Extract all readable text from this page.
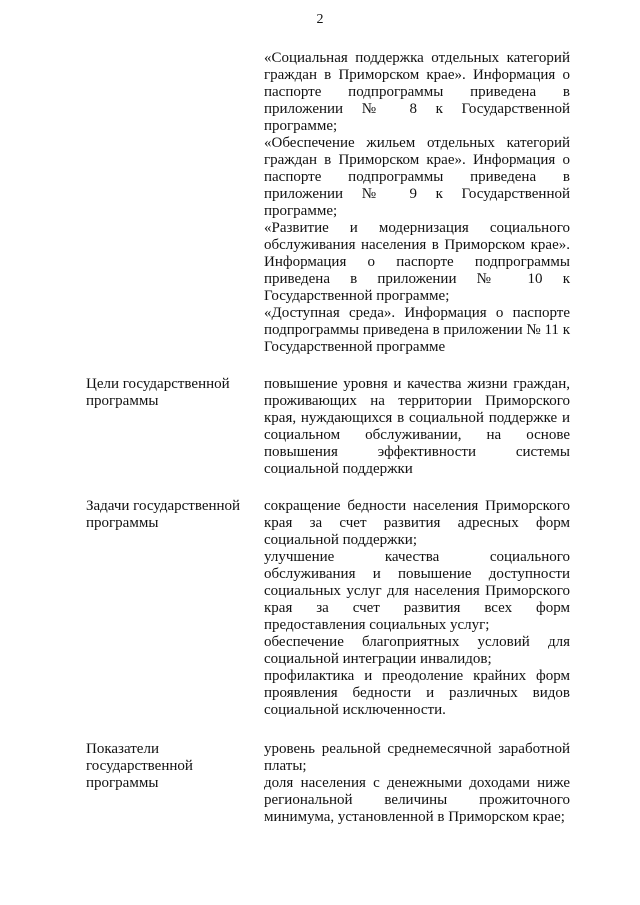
2

«Социальная поддержка отдельных категорий граждан в Приморском крае». Информация о паспорте подпрограммы приведена в приложении № 8 к Государственной программе;

«Обеспечение жильем отдельных категорий граждан в Приморском крае». Информация о паспорте подпрограммы приведена в приложении № 9 к Государственной программе;

«Развитие и модернизация социального обслуживания населения в Приморском крае». Информация о паспорте подпрограммы приведена в приложении № 10 к Государственной программе;

«Доступная среда». Информация о паспорте подпрограммы приведена в приложении № 11 к Государственной программе

Цели государственной
программы

повышение уровня и качества жизни граждан, проживающих на территории Приморского края, нуждающихся в социальной поддержке и социальном обслуживании, на основе повышения эффективности системы социальной поддержки

Задачи государственной
программы

сокращение бедности населения Приморского края за счет развития адресных форм социальной поддержки;

улучшение качества социального обслуживания и повышение доступности социальных услуг для населения Приморского края за счет развития всех форм предоставления социальных услуг;

обеспечение благоприятных условий для социальной интеграции инвалидов;

профилактика и преодоление крайних форм проявления бедности и различных видов социальной исключенности.

Показатели
государственной
программы

уровень реальной среднемесячной заработной платы;

доля населения с денежными доходами ниже региональной величины прожиточного минимума, установленной в Приморском крае;
